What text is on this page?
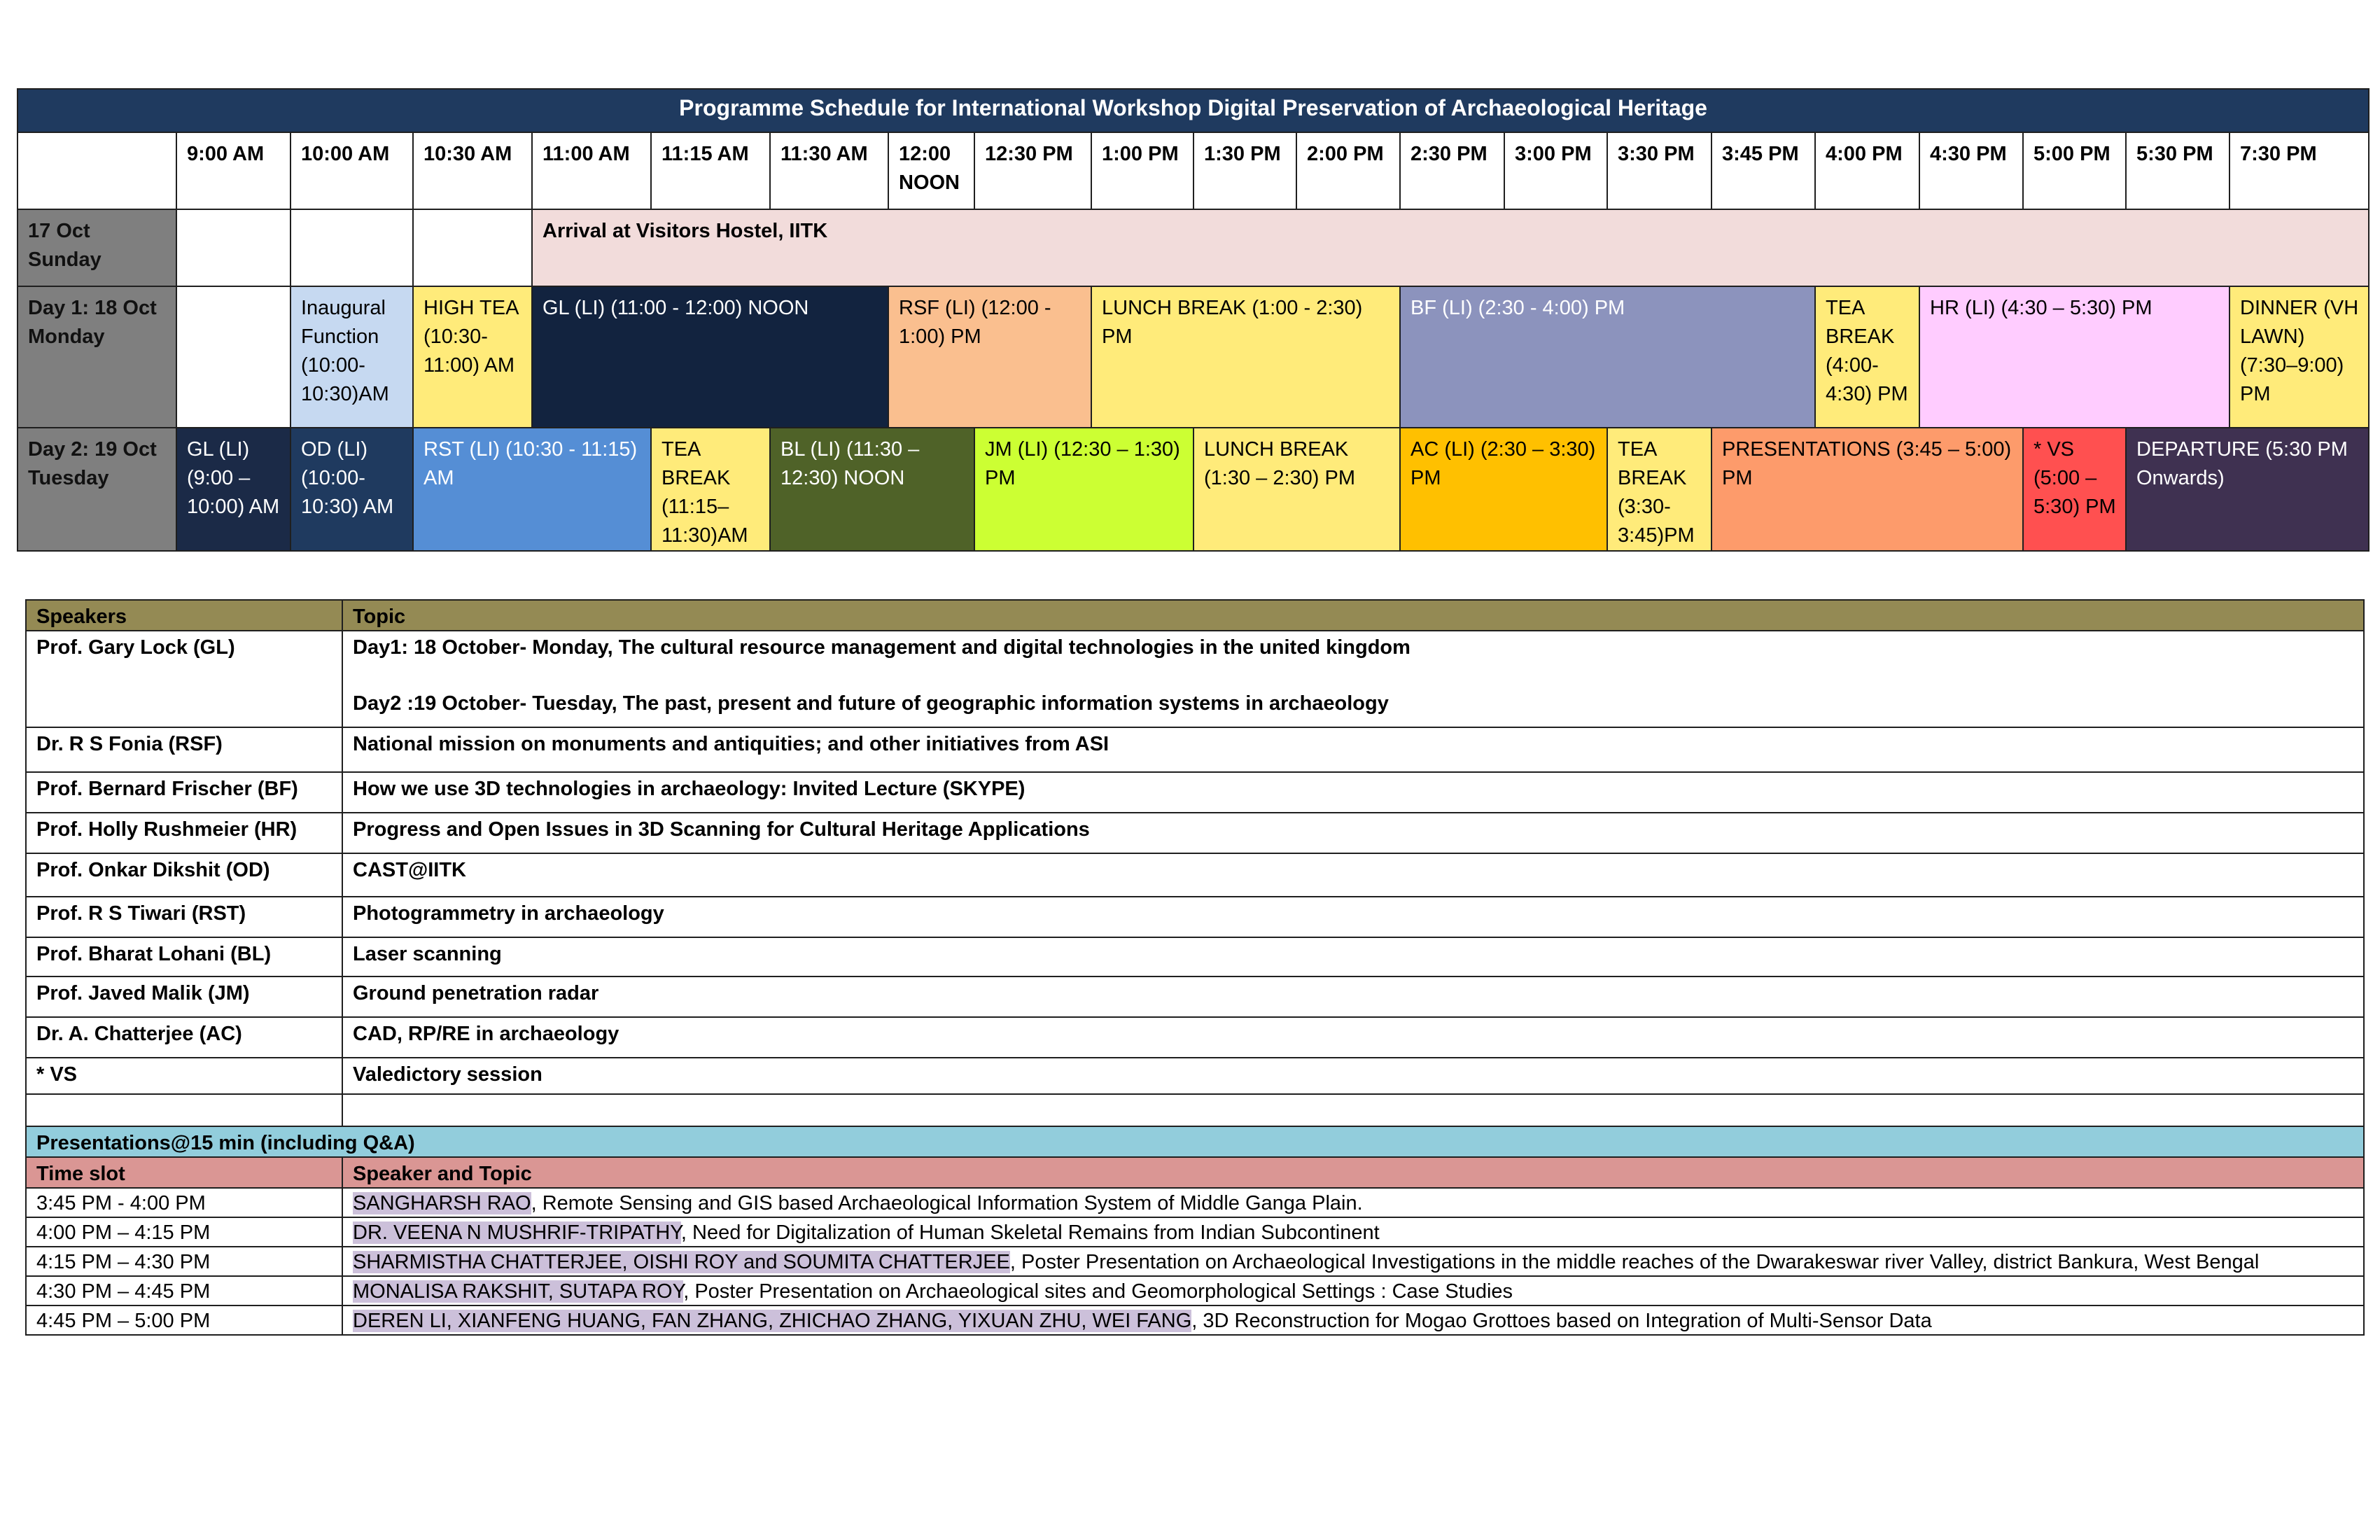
Programme Schedule for International Workshop Digital Preservation of Archaeological Heritage																				
	9:00 AM	10:00 AM	10:30 AM	11:00 AM	11:15 AM	11:30 AM	12:00 NOON	12:30 PM	1:00 PM	1:30 PM	2:00 PM	2:30 PM	3:00 PM	3:30 PM	3:45 PM	4:00 PM	4:30 PM	5:00 PM	5:30 PM	7:30 PM
17 Oct Sunday				Arrival at Visitors Hostel, IITK																
Day 1: 18 Oct Monday		Inaugural Function (10:00-10:30)AM	HIGH TEA (10:30-11:00) AM	GL (LI) (11:00 - 12:00) NOON			RSF (LI) (12:00 - 1:00) PM		LUNCH BREAK (1:00 - 2:30) PM			BF (LI) (2:30 - 4:00) PM				TEA BREAK (4:00-4:30) PM	HR (LI) (4:30 – 5:30) PM			DINNER (VH LAWN) (7:30–9:00) PM
Day 2: 19 Oct Tuesday	GL (LI) (9:00 – 10:00) AM	OD (LI) (10:00-10:30) AM	RST (LI) (10:30 - 11:15) AM		TEA BREAK (11:15–11:30)AM	BL (LI) (11:30 – 12:30) NOON		JM (LI) (12:30 – 1:30) PM		LUNCH BREAK (1:30 – 2:30) PM		AC (LI) (2:30 – 3:30) PM		TEA BREAK (3:30-3:45)PM	PRESENTATIONS (3:45 – 5:00) PM			* VS (5:00 – 5:30) PM	DEPARTURE (5:30 PM Onwards)	
Speakers	Topic
Prof. Gary Lock (GL)	Day1: 18 October- Monday, The cultural resource management and digital technologies in the united kingdom
Day2 :19 October- Tuesday, The past, present and future of geographic information systems in archaeology

Dr. R S Fonia (RSF)	National mission on monuments and antiquities; and other initiatives from ASI
Prof. Bernard Frischer (BF)	How we use 3D technologies in archaeology: Invited Lecture (SKYPE)
Prof. Holly Rushmeier (HR)	Progress and Open Issues in 3D Scanning for Cultural Heritage Applications
Prof. Onkar Dikshit (OD)	CAST@IITK
Prof. R S Tiwari (RST)	Photogrammetry in archaeology
Prof. Bharat Lohani (BL)	Laser scanning
Prof. Javed Malik (JM)	Ground penetration radar
Dr. A. Chatterjee (AC)	CAD, RP/RE in archaeology
* VS	Valedictory session

Presentations@15 min (including Q&A)	
Time slot	Speaker and Topic
3:45 PM - 4:00 PM	SANGHARSH RAO, Remote Sensing and GIS based Archaeological Information System of Middle Ganga Plain.
4:00 PM – 4:15 PM	DR. VEENA N MUSHRIF-TRIPATHY, Need for Digitalization of Human Skeletal Remains from Indian Subcontinent
4:15 PM – 4:30 PM	SHARMISTHA CHATTERJEE, OISHI ROY and SOUMITA CHATTERJEE, Poster Presentation on Archaeological Investigations in the middle reaches of the Dwarakeswar river Valley, district Bankura, West Bengal
4:30 PM – 4:45 PM	MONALISA RAKSHIT, SUTAPA ROY, Poster Presentation on Archaeological sites and Geomorphological Settings : Case Studies
4:45 PM – 5:00 PM	DEREN LI, XIANFENG HUANG, FAN ZHANG, ZHICHAO ZHANG, YIXUAN ZHU, WEI FANG, 3D Reconstruction for Mogao Grottoes based on Integration of Multi-Sensor Data
